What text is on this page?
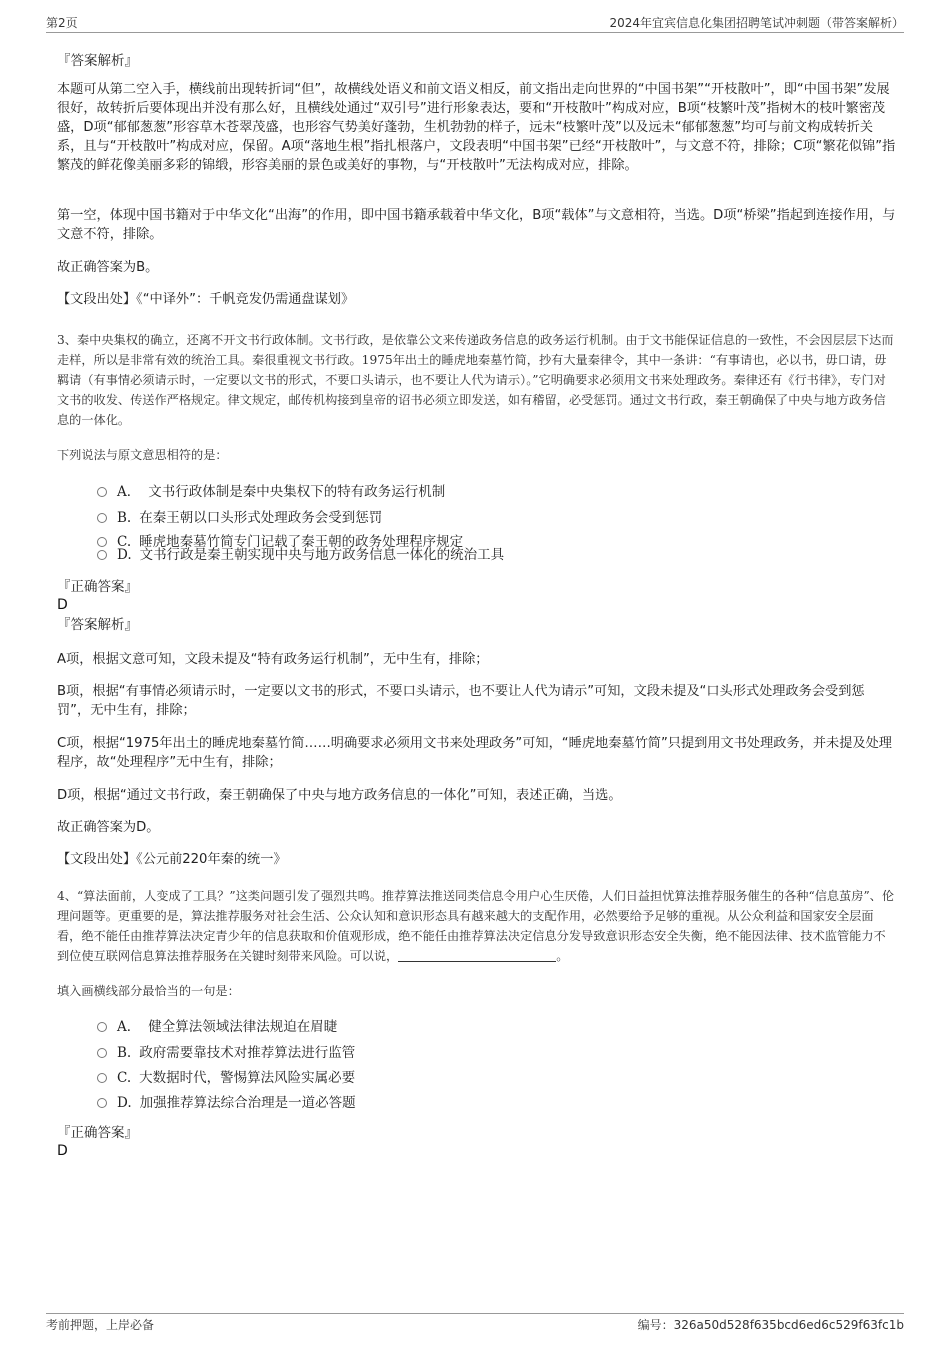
第2页	2024年宜宾信息化集团招聘笔试冲刺题（带答案解析）
『答案解析』

本题可从第二空入手，横线前出现转折词“但”，故横线处语义和前文语义相反，前文指出走向世界的“中国书架”“开枝散叶”，即“中国书架”发展很好，故转折后要体现出并没有那么好，且横线处通过“双引号”进行形象表达，要和“开枝散叶”构成对应，B项“枝繁叶茂”指树木的枝叶繁密茂盛，D项“郁郁葱葱”形容草木苍翠茂盛，也形容气势美好蓬勃，生机勃勃的样子，远未“枝繁叶茂”以及远未“郁郁葱葱”均可与前文构成转折关系，且与“开枝散叶”构成对应，保留。A项“落地生根”指扎根落户，文段表明“中国书架”已经“开枝散叶”，与文意不符，排除；C项“繁花似锦”指繁茂的鲜花像美丽多彩的锦缎，形容美丽的景色或美好的事物，与“开枝散叶”无法构成对应，排除。

第一空，体现中国书籍对于中华文化“出海”的作用，即中国书籍承载着中华文化，B项“载体”与文意相符，当选。D项“桥梁”指起到连接作用，与文意不符，排除。

故正确答案为B。

【文段出处】《“中译外”：千帆竞发仍需通盘谋划》

3、秦中央集权的确立，还离不开文书行政体制。文书行政，是依靠公文来传递政务信息的政务运行机制。由于文书能保证信息的一致性，不会因层层下达而走样，所以是非常有效的统治工具。秦很重视文书行政。1975年出土的睡虎地秦墓竹简，抄有大量秦律令，其中一条讲：“有事请也，必以书，毋口请，毋羁请（有事情必须请示时，一定要以文书的形式，不要口头请示，也不要让人代为请示）。”它明确要求必须用文书来处理政务。秦律还有《行书律》，专门对文书的收发、传送作严格规定。律文规定，邮传机构接到皇帝的诏书必须立即发送，如有稽留，必受惩罚。通过文书行政，秦王朝确保了中央与地方政务信息的一体化。

下列说法与原文意思相符的是：

A． 文书行政体制是秦中央集权下的特有政务运行机制
B. 在秦王朝以口头形式处理政务会受到惩罚
C. 睡虎地秦墓竹简专门记载了秦王朝的政务处理程序规定
D. 文书行政是秦王朝实现中央与地方政务信息一体化的统治工具
『正确答案』
D
『答案解析』

A项，根据文意可知，文段未提及“特有政务运行机制”，无中生有，排除；

B项，根据“有事情必须请示时，一定要以文书的形式，不要口头请示，也不要让人代为请示”可知，文段未提及“口头形式处理政务会受到惩罚”，无中生有，排除；

C项，根据“1975年出土的睡虎地秦墓竹简……明确要求必须用文书来处理政务”可知，“睡虎地秦墓竹简”只提到用文书处理政务，并未提及处理程序，故“处理程序”无中生有，排除；

D项，根据“通过文书行政，秦王朝确保了中央与地方政务信息的一体化”可知，表述正确，当选。

故正确答案为D。

【文段出处】《公元前220年秦的统一》

4、“算法面前，人变成了工具？”这类问题引发了强烈共鸣。推荐算法推送同类信息令用户心生厌倦，人们日益担忧算法推荐服务催生的各种“信息茧房”、伦理问题等。更重要的是，算法推荐服务对社会生活、公众认知和意识形态具有越来越大的支配作用，必然要给予足够的重视。从公众利益和国家安全层面看，绝不能任由推荐算法决定青少年的信息获取和价值观形成，绝不能任由推荐算法决定信息分发导致意识形态安全失衡，绝不能因法律、技术监管能力不到位使互联网信息算法推荐服务在关键时刻带来风险。可以说，	。

填入画横线部分最恰当的一句是：

A． 健全算法领域法律法规迫在眉睫
B. 政府需要靠技术对推荐算法进行监管
C. 大数据时代，警惕算法风险实属必要
D. 加强推荐算法综合治理是一道必答题
『正确答案』
D
考前押题，上岸必备	编号：326a50d528f635bcd6ed6c529f63fc1b
